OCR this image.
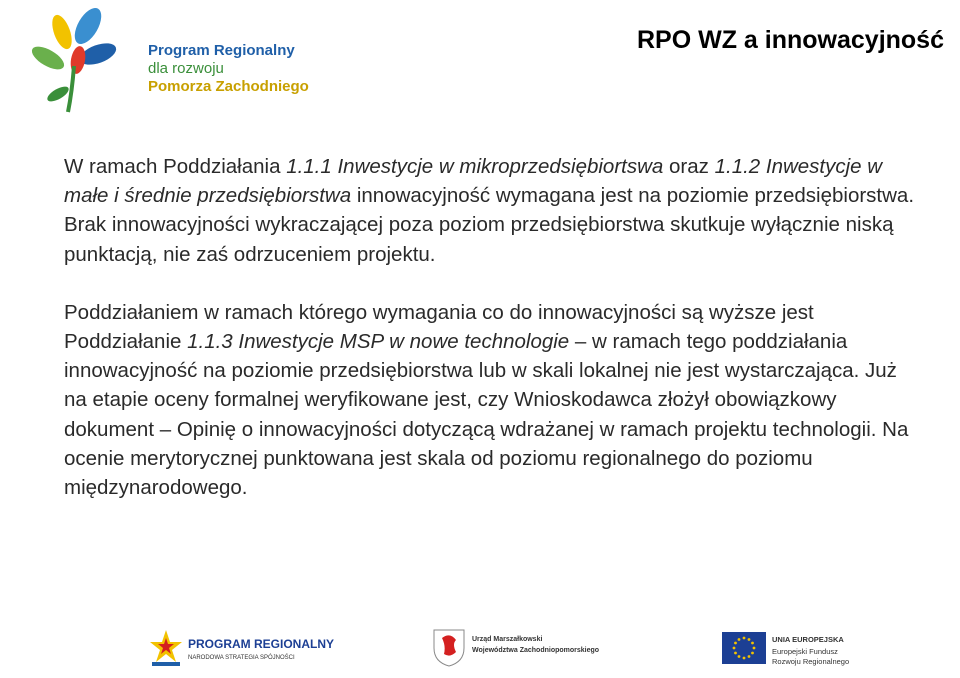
Program Regionalny
dla rozwoju
Pomorza Zachodniego
RPO WZ a innowacyjność

W ramach Poddziałania 1.1.1 Inwestycje w mikroprzedsiębiortswa oraz 1.1.2 Inwestycje w małe i średnie przedsiębiorstwa innowacyjność wymagana jest na poziomie przedsiębiorstwa. Brak innowacyjności wykraczającej poza poziom przedsiębiorstwa skutkuje wyłącznie niską punktacją, nie zaś odrzuceniem projektu.

Poddziałaniem w ramach którego wymagania co do innowacyjności są wyższe jest Poddziałanie 1.1.3 Inwestycje MSP w nowe technologie – w ramach tego poddziałania innowacyjność na poziomie przedsiębiorstwa lub w skali lokalnej nie jest wystarczająca. Już na etapie oceny formalnej weryfikowane jest, czy Wnioskodawca złożył obowiązkowy dokument – Opinię o innowacyjności dotyczącą wdrażanej w ramach projektu technologii. Na ocenie merytorycznej punktowana jest skala od poziomu regionalnego do poziomu międzynarodowego.

PROGRAM REGIONALNY
NARODOWA STRATEGIA SPÓJNOŚCI
Urząd Marszałkowski
Województwa Zachodniopomorskiego
UNIA EUROPEJSKA
Europejski Fundusz
Rozwoju Regionalnego
